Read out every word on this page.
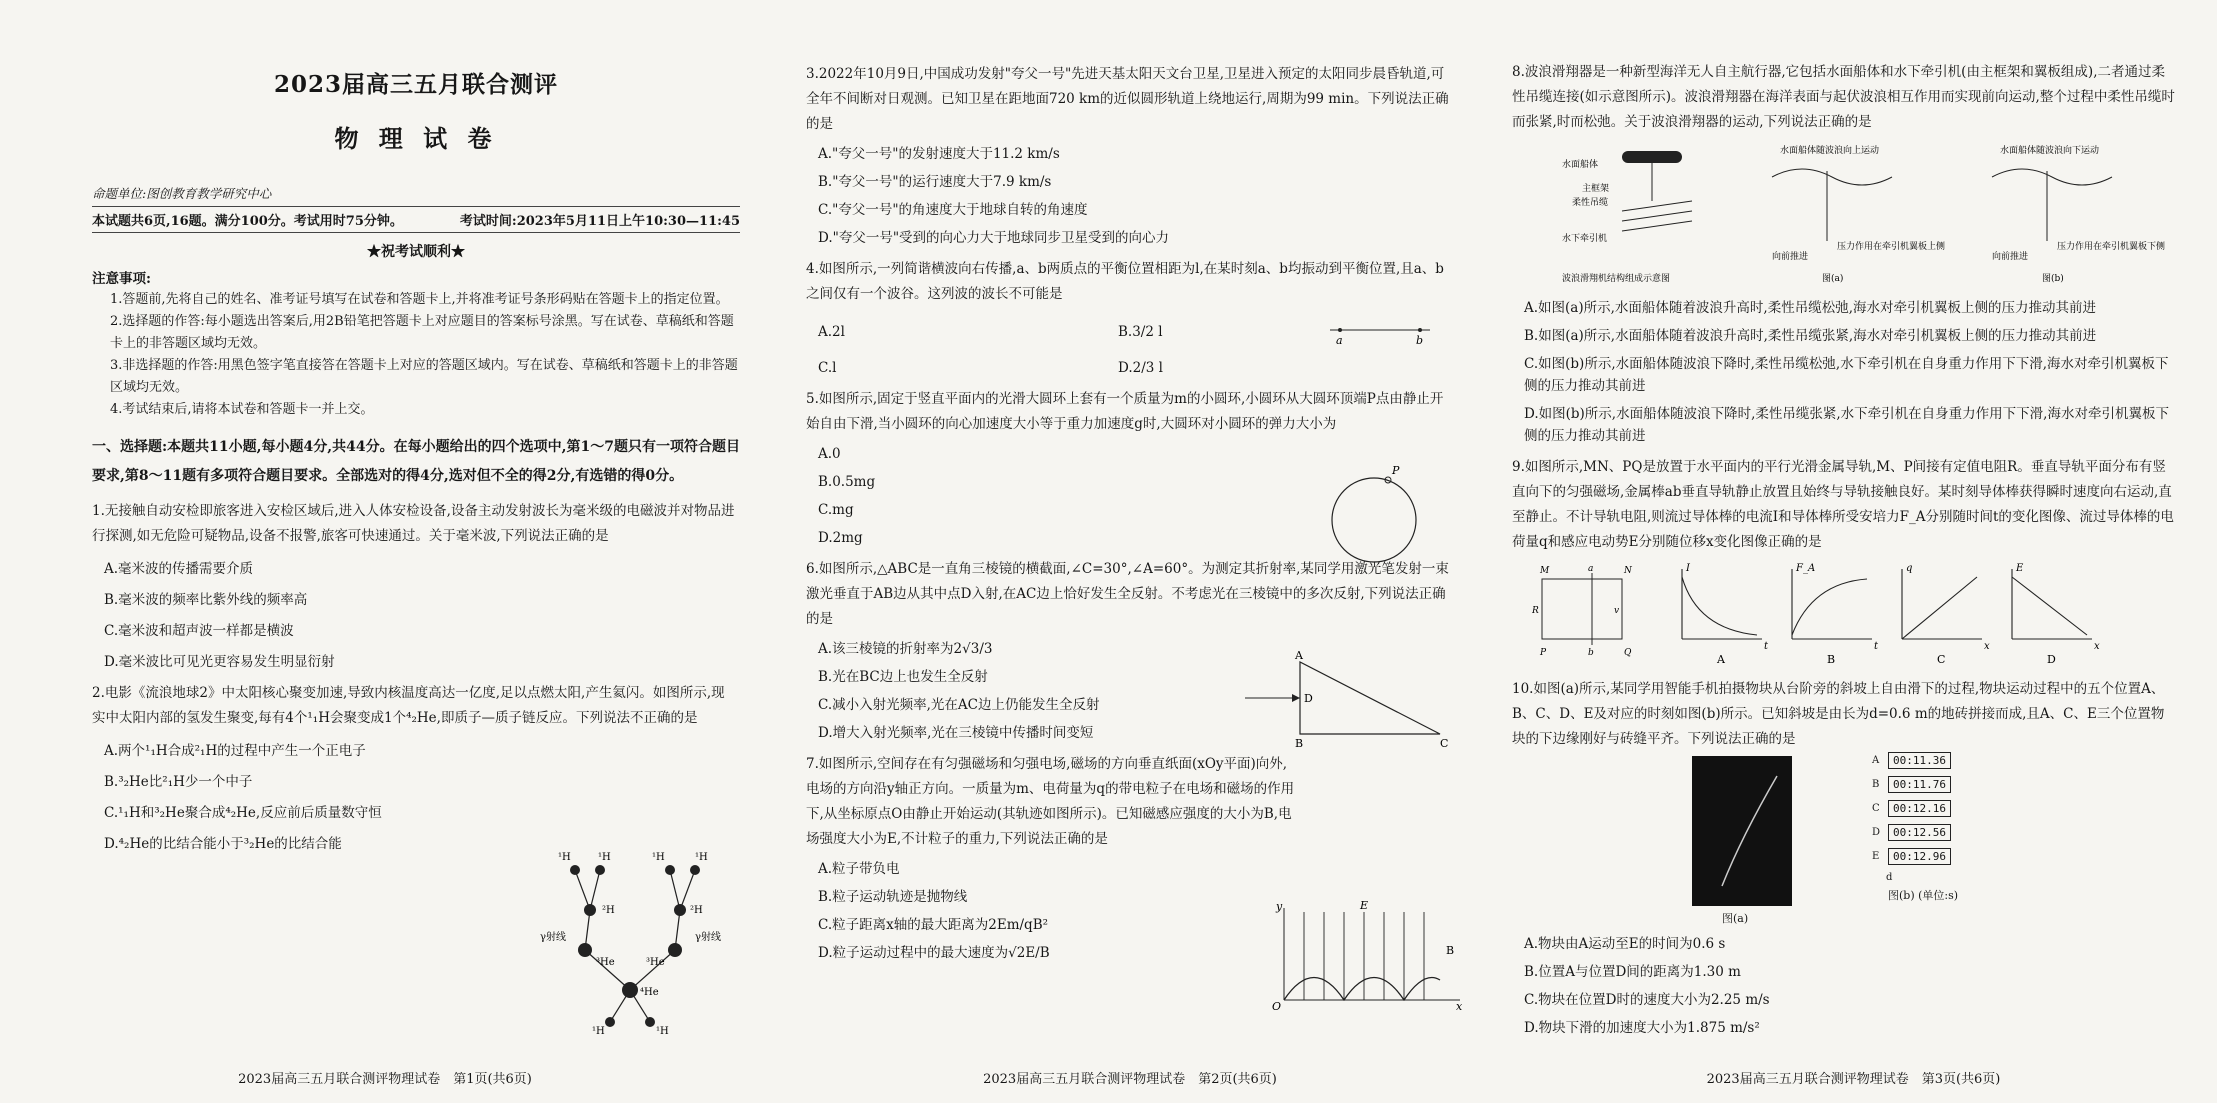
2023届高三五月联合测评
物 理 试 卷
命题单位:图创教育教学研究中心
本试题共6页,16题。满分100分。考试用时75分钟。	考试时间:2023年5月11日上午10:30—11:45
★祝考试顺利★
注意事项:
1.答题前,先将自己的姓名、准考证号填写在试卷和答题卡上,并将准考证号条形码贴在答题卡上的指定位置。
2.选择题的作答:每小题选出答案后,用2B铅笔把答题卡上对应题目的答案标号涂黑。写在试卷、草稿纸和答题卡上的非答题区域均无效。
3.非选择题的作答:用黑色签字笔直接答在答题卡上对应的答题区域内。写在试卷、草稿纸和答题卡上的非答题区域均无效。
4.考试结束后,请将本试卷和答题卡一并上交。
一、选择题:本题共11小题,每小题4分,共44分。在每小题给出的四个选项中,第1～7题只有一项符合题目要求,第8～11题有多项符合题目要求。全部选对的得4分,选对但不全的得2分,有选错的得0分。
1.无接触自动安检即旅客进入安检区域后,进入人体安检设备,设备主动发射波长为毫米级的电磁波并对物品进行探测,如无危险可疑物品,设备不报警,旅客可快速通过。关于毫米波,下列说法正确的是
A.毫米波的传播需要介质
B.毫米波的频率比紫外线的频率高
C.毫米波和超声波一样都是横波
D.毫米波比可见光更容易发生明显衍射
2.电影《流浪地球2》中太阳核心聚变加速,导致内核温度高达一亿度,足以点燃太阳,产生氦闪。如图所示,现实中太阳内部的氢发生聚变,每有4个¹₁H会聚变成1个⁴₂He,即质子—质子链反应。下列说法不正确的是
A.两个¹₁H合成²₁H的过程中产生一个正电子
B.³₂He比²₁H少一个中子
C.¹₁H和³₂He聚合成⁴₂He,反应前后质量数守恒
D.⁴₂He的比结合能小于³₂He的比结合能
¹H	¹H	¹H	¹H
²H	²H
γ射线	γ射线
³He	³He
⁴He
¹H	¹H
2023届高三五月联合测评物理试卷　第1页(共6页)
3.2022年10月9日,中国成功发射"夸父一号"先进天基太阳天文台卫星,卫星进入预定的太阳同步晨昏轨道,可全年不间断对日观测。已知卫星在距地面720 km的近似圆形轨道上绕地运行,周期为99 min。下列说法正确的是
A."夸父一号"的发射速度大于11.2 km/s
B."夸父一号"的运行速度大于7.9 km/s
C."夸父一号"的角速度大于地球自转的角速度
D."夸父一号"受到的向心力大于地球同步卫星受到的向心力
4.如图所示,一列简谐横波向右传播,a、b两质点的平衡位置相距为l,在某时刻a、b均振动到平衡位置,且a、b之间仅有一个波谷。这列波的波长不可能是
A.2l	B.3/2 l
C.l	D.2/3 l
a	b
5.如图所示,固定于竖直平面内的光滑大圆环上套有一个质量为m的小圆环,小圆环从大圆环顶端P点由静止开始自由下滑,当小圆环的向心加速度大小等于重力加速度g时,大圆环对小圆环的弹力大小为
A.0
B.0.5mg
C.mg
D.2mg
P
6.如图所示,△ABC是一直角三棱镜的横截面,∠C=30°,∠A=60°。为测定其折射率,某同学用激光笔发射一束激光垂直于AB边从其中点D入射,在AC边上恰好发生全反射。不考虑光在三棱镜中的多次反射,下列说法正确的是
A.该三棱镜的折射率为2√3/3
B.光在BC边上也发生全反射
C.减小入射光频率,光在AC边上仍能发生全反射
D.增大入射光频率,光在三棱镜中传播时间变短
A
D
B	C
7.如图所示,空间存在有匀强磁场和匀强电场,磁场的方向垂直纸面(xOy平面)向外,电场的方向沿y轴正方向。一质量为m、电荷量为q的带电粒子在电场和磁场的作用下,从坐标原点O由静止开始运动(其轨迹如图所示)。已知磁感应强度的大小为B,电场强度大小为E,不计粒子的重力,下列说法正确的是
A.粒子带负电
B.粒子运动轨迹是抛物线
C.粒子距离x轴的最大距离为2Em/qB²
D.粒子运动过程中的最大速度为√2E/B
y	E
O	x
B
2023届高三五月联合测评物理试卷　第2页(共6页)
8.波浪滑翔器是一种新型海洋无人自主航行器,它包括水面船体和水下牵引机(由主框架和翼板组成),二者通过柔性吊缆连接(如示意图所示)。波浪滑翔器在海洋表面与起伏波浪相互作用而实现前向运动,整个过程中柔性吊缆时而张紧,时而松弛。关于波浪滑翔器的运动,下列说法正确的是
水面船体
主框架
柔性吊缆
水下牵引机
波浪滑翔机结构组成示意图
水面船体随波浪向上运动
向前推进
压力作用在牵引机翼板上侧
图(a)
水面船体随波浪向下运动
向前推进
压力作用在牵引机翼板下侧
图(b)
A.如图(a)所示,水面船体随着波浪升高时,柔性吊缆松弛,海水对牵引机翼板上侧的压力推动其前进
B.如图(a)所示,水面船体随着波浪升高时,柔性吊缆张紧,海水对牵引机翼板上侧的压力推动其前进
C.如图(b)所示,水面船体随波浪下降时,柔性吊缆松弛,水下牵引机在自身重力作用下下滑,海水对牵引机翼板下侧的压力推动其前进
D.如图(b)所示,水面船体随波浪下降时,柔性吊缆张紧,水下牵引机在自身重力作用下下滑,海水对牵引机翼板下侧的压力推动其前进
9.如图所示,MN、PQ是放置于水平面内的平行光滑金属导轨,M、P间接有定值电阻R。垂直导轨平面分布有竖直向下的匀强磁场,金属棒ab垂直导轨静止放置且始终与导轨接触良好。某时刻导体棒获得瞬时速度向右运动,直至静止。不计导轨电阻,则流过导体棒的电流I和导体棒所受安培力F_A分别随时间t的变化图像、流过导体棒的电荷量q和感应电动势E分别随位移x变化图像正确的是
M	a	N
R	v
P	b	Q
I
t
F_A
t
q
x
E
x
A	B	C	D
10.如图(a)所示,某同学用智能手机拍摄物块从台阶旁的斜坡上自由滑下的过程,物块运动过程中的五个位置A、B、C、D、E及对应的时刻如图(b)所示。已知斜坡是由长为d=0.6 m的地砖拼接而成,且A、C、E三个位置物块的下边缘刚好与砖缝平齐。下列说法正确的是
图(a)
A	00:11.36
B	00:11.76
C	00:12.16
D	00:12.56
E	00:12.96
d
图(b) (单位:s)
A.物块由A运动至E的时间为0.6 s
B.位置A与位置D间的距离为1.30 m
C.物块在位置D时的速度大小为2.25 m/s
D.物块下滑的加速度大小为1.875 m/s²
2023届高三五月联合测评物理试卷　第3页(共6页)
